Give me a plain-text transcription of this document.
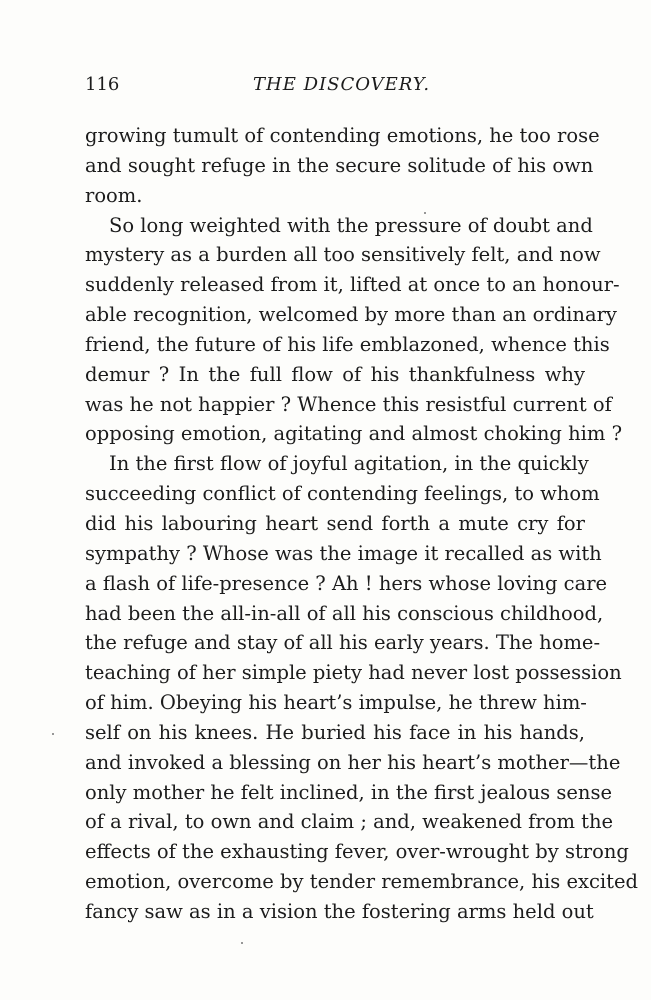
116	THE DISCOVERY.
growing tumult of contending emotions, he too rose
and sought refuge in the secure solitude of his own
room.
So long weighted with the pressure of doubt and
mystery as a burden all too sensitively felt, and now
suddenly released from it, lifted at once to an honour-
able recognition, welcomed by more than an ordinary
friend, the future of his life emblazoned, whence this
demur ? In the full flow of his thankfulness why
was he not happier ? Whence this resistful current of
opposing emotion, agitating and almost choking him ?
In the first flow of joyful agitation, in the quickly
succeeding conflict of contending feelings, to whom
did his labouring heart send forth a mute cry for
sympathy ? Whose was the image it recalled as with
a flash of life-presence ? Ah ! hers whose loving care
had been the all-in-all of all his conscious childhood,
the refuge and stay of all his early years. The home-
teaching of her simple piety had never lost possession
of him. Obeying his heart’s impulse, he threw him-
self on his knees. He buried his face in his hands,
and invoked a blessing on her his heart’s mother—the
only mother he felt inclined, in the first jealous sense
of a rival, to own and claim ; and, weakened from the
effects of the exhausting fever, over-wrought by strong
emotion, overcome by tender remembrance, his excited
fancy saw as in a vision the fostering arms held out
